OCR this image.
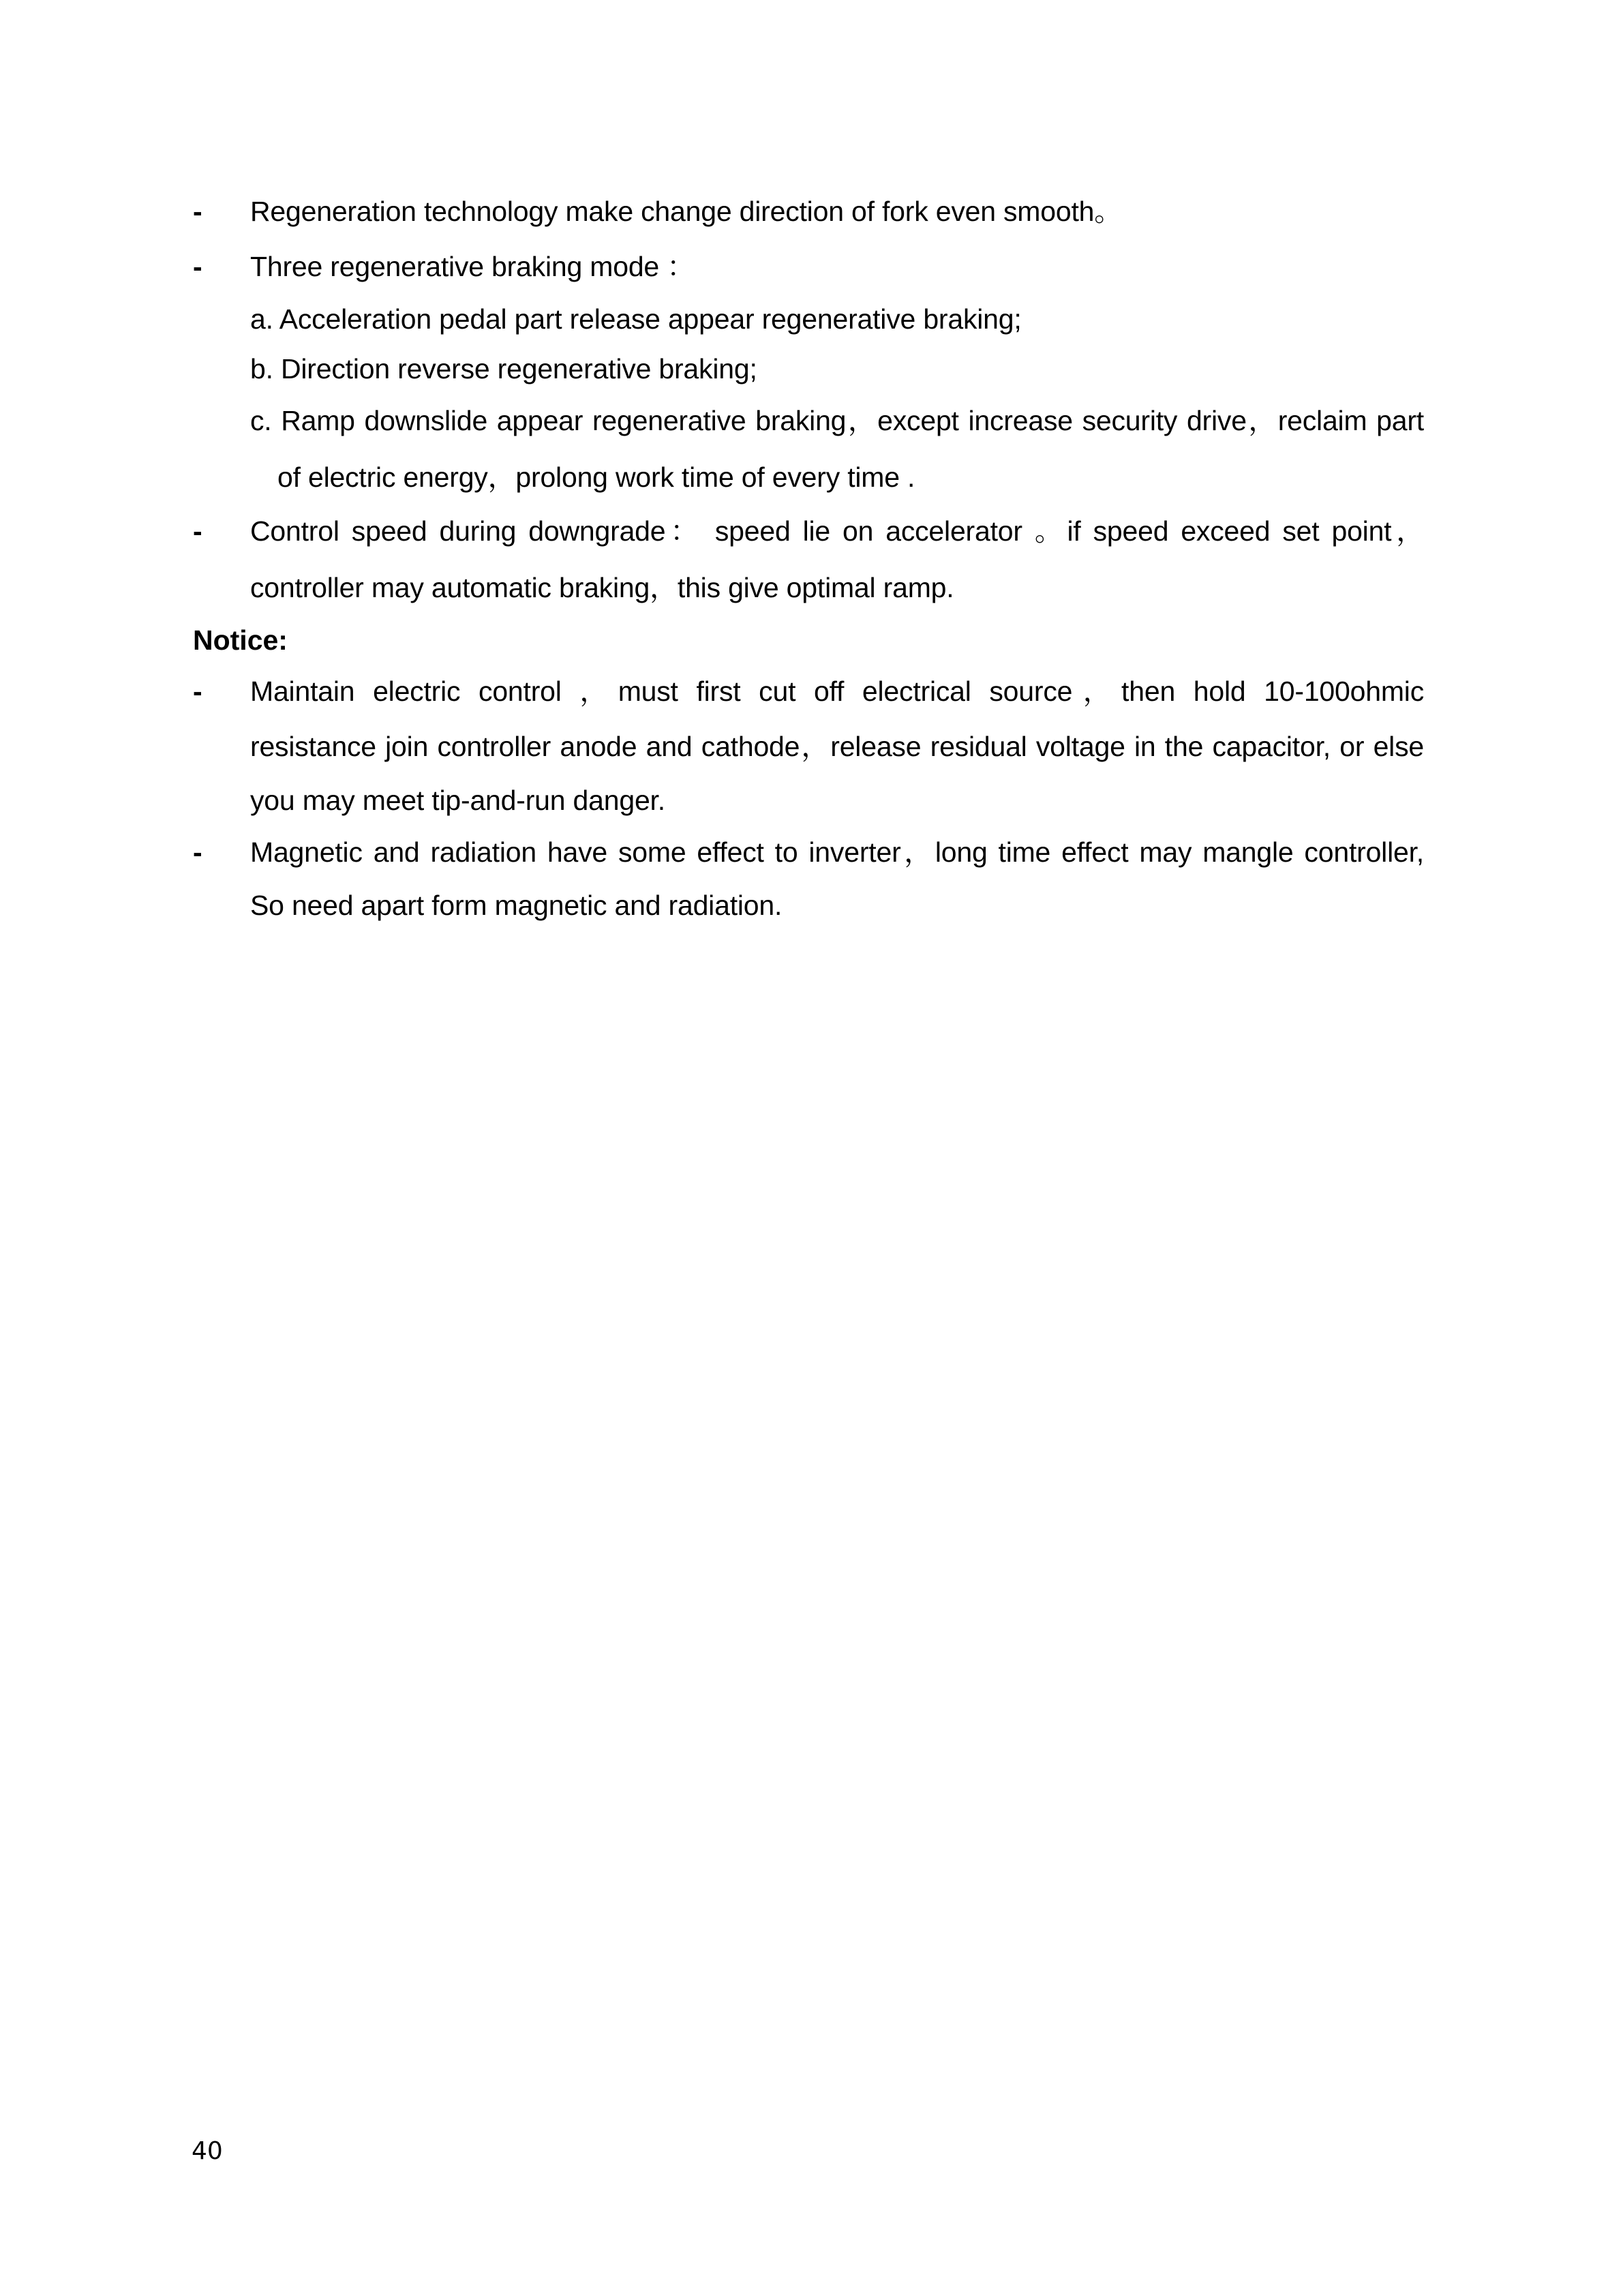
- Regeneration technology make change direction of fork even smooth。
- Three regenerative braking mode ：
a. Acceleration pedal part release appear regenerative braking;
b. Direction reverse regenerative braking;
c. Ramp downslide appear regenerative braking，except increase security drive，reclaim part
of electric energy，prolong work time of every time .
- Control speed during downgrade： speed lie on accelerator 。if speed exceed set point，
controller may automatic braking，this give optimal ramp.
Notice:
- Maintain electric control ，must first cut off electrical source，then hold 10-100ohmic
resistance join controller anode and cathode，release residual voltage in the capacitor, or else
you may meet tip-and-run danger.
- Magnetic and radiation have some effect to inverter，long time effect may mangle controller,
So need apart form magnetic and radiation.
40
